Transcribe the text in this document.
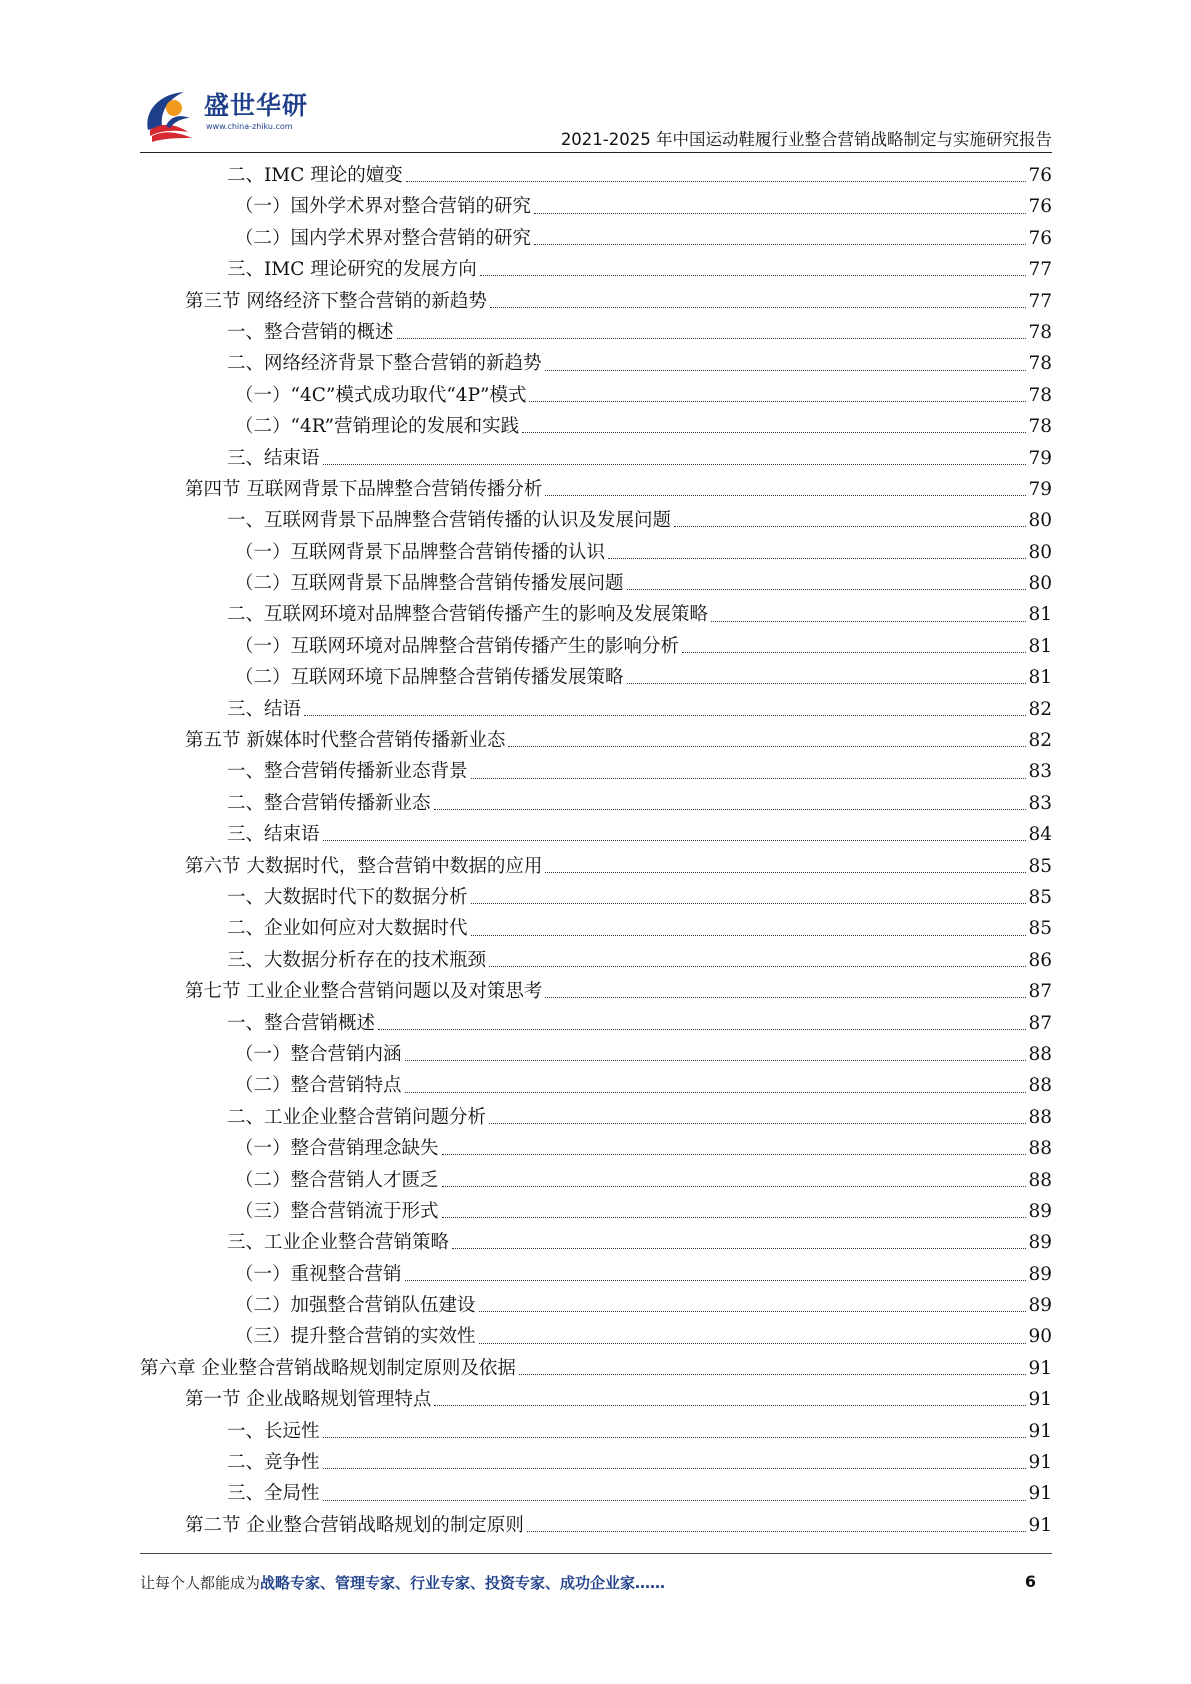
盛世华研
www.china-zhiku.com
2021-2025 年中国运动鞋履行业整合营销战略制定与实施研究报告
二、IMC 理论的嬗变	76
（一）国外学术界对整合营销的研究	76
（二）国内学术界对整合营销的研究	76
三、IMC 理论研究的发展方向	77
第三节 网络经济下整合营销的新趋势	77
一、整合营销的概述	78
二、网络经济背景下整合营销的新趋势	78
（一）“4C”模式成功取代“4P”模式	78
（二）“4R”营销理论的发展和实践	78
三、结束语	79
第四节 互联网背景下品牌整合营销传播分析	79
一、互联网背景下品牌整合营销传播的认识及发展问题	80
（一）互联网背景下品牌整合营销传播的认识	80
（二）互联网背景下品牌整合营销传播发展问题	80
二、互联网环境对品牌整合营销传播产生的影响及发展策略	81
（一）互联网环境对品牌整合营销传播产生的影响分析	81
（二）互联网环境下品牌整合营销传播发展策略	81
三、结语	82
第五节 新媒体时代整合营销传播新业态	82
一、整合营销传播新业态背景	83
二、整合营销传播新业态	83
三、结束语	84
第六节 大数据时代，整合营销中数据的应用	85
一、大数据时代下的数据分析	85
二、企业如何应对大数据时代	85
三、大数据分析存在的技术瓶颈	86
第七节 工业企业整合营销问题以及对策思考	87
一、整合营销概述	87
（一）整合营销内涵	88
（二）整合营销特点	88
二、工业企业整合营销问题分析	88
（一）整合营销理念缺失	88
（二）整合营销人才匮乏	88
（三）整合营销流于形式	89
三、工业企业整合营销策略	89
（一）重视整合营销	89
（二）加强整合营销队伍建设	89
（三）提升整合营销的实效性	90
第六章 企业整合营销战略规划制定原则及依据	91
第一节 企业战略规划管理特点	91
一、长远性	91
二、竞争性	91
三、全局性	91
第二节 企业整合营销战略规划的制定原则	91
让每个人都能成为战略专家、管理专家、行业专家、投资专家、成功企业家……	6
